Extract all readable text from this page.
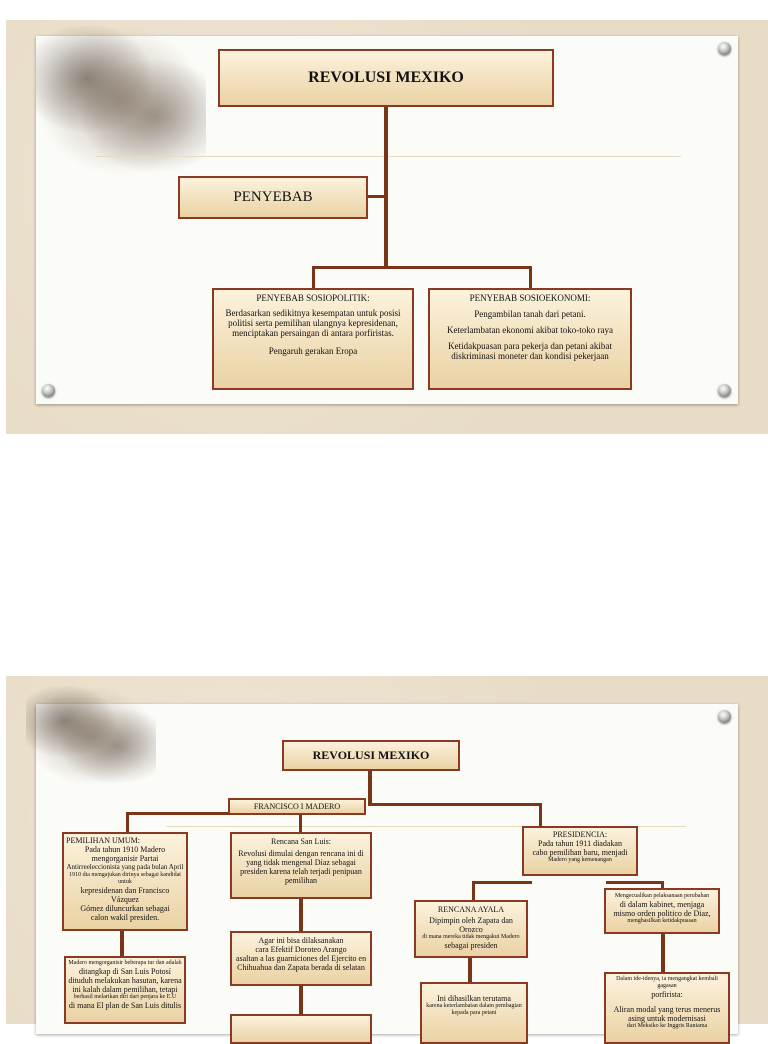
REVOLUSI MEXIKO
PENYEBAB
PENYEBAB SOSIOPOLITIK:
Berdasarkan sedikitnya kesempatan untuk posisi politisi serta pemilihan ulangnya kepresidenan, menciptakan persaingan di antara porfiristas.
Pengaruh gerakan Eropa
PENYEBAB SOSIOEKONOMI:
Pengambilan tanah dari petani.
Keterlambatan ekonomi akibat toko-toko raya
Ketidakpuasan para pekerja dan petani akibat diskriminasi moneter dan kondisi pekerjaan
REVOLUSI MEXIKO
FRANCISCO I MADERO
PEMILIHAN UMUM:
Pada tahun 1910 Madero
mengorganisir Partai
Antirreeleccionista yang pada bulan April
1910 dia mengajukan dirinya sebagai kandidat untuk
kepresidenan dan Francisco Vázquez
Gómez diluncurkan sebagai
calon wakil presiden.
Madero mengorganisir beberapa tur dan adalah
ditangkap di San Luis Potosí
dituduh melakukan hasutan, karena
ini kalah dalam pemilihan, tetapi
berhasil melarikan diri dari penjara ke E.U
di mana El plan de San Luis ditulis
Rencana San Luis:
Revolusi dimulai dengan rencana ini di
yang tidak mengenal Díaz sebagai
presiden karena telah terjadi penipuan
pemilihan
Agar ini bisa dilaksanakan
cara Efektif Doroteo Arango
asaltan a las guarniciones del Ejercito en
Chihuahua dan Zapata berada di selatan
PRESIDENCIA:
Pada tahun 1911 diadakan
cabo pemilihan baru, menjadi
Madero yang kemenangan
RENCANA AYALA
Dipimpin oleh Zapata dan Orozco
di mana mereka tidak mengakui Madero
sebagai presiden
Ini dihasilkan terutama
karena keterlambatan dalam pembagian
kepada para petani
Mengecualikan pelaksanaan perubahan
di dalam kabinet, menjaga
mismo orden politico de Diaz,
menghasilkan ketidakpuasan
Dalam ide-idenya, ia mengangkat kembali gagasan
porfirista:
Aliran modal yang terus menerus
asing untuk modernisasi
dari Meksiko ke Inggris Raniama
